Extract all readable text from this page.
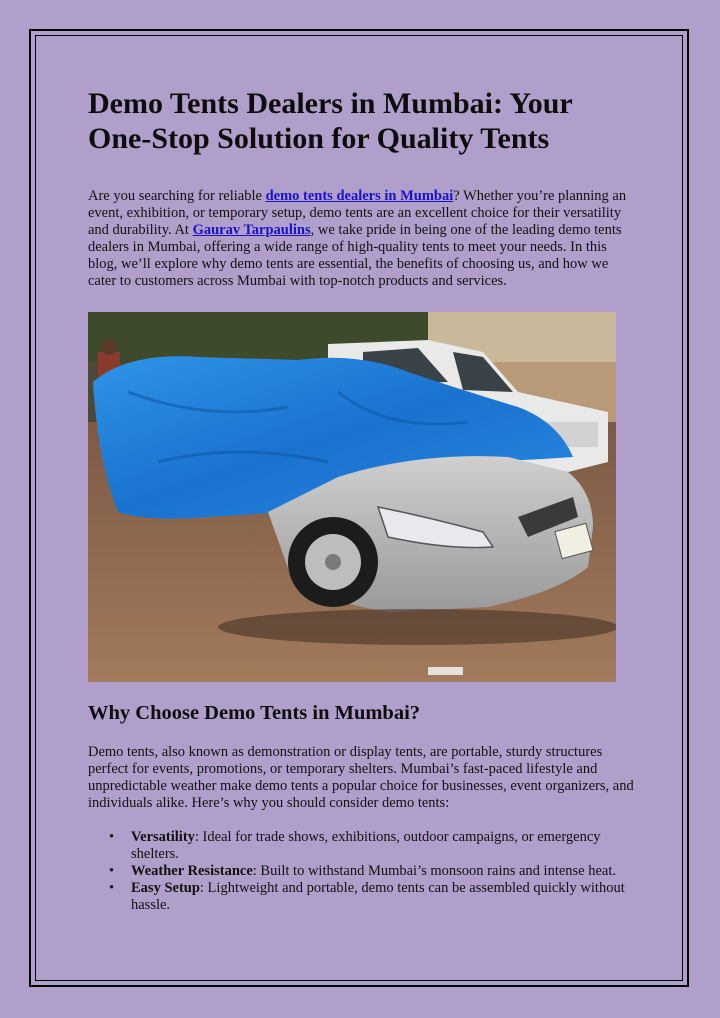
Demo Tents Dealers in Mumbai: Your One-Stop Solution for Quality Tents

Are you searching for reliable demo tents dealers in Mumbai? Whether you’re planning an event, exhibition, or temporary setup, demo tents are an excellent choice for their versatility and durability. At Gaurav Tarpaulins, we take pride in being one of the leading demo tents dealers in Mumbai, offering a wide range of high-quality tents to meet your needs. In this blog, we’ll explore why demo tents are essential, the benefits of choosing us, and how we cater to customers across Mumbai with top-notch products and services.

Why Choose Demo Tents in Mumbai?

Demo tents, also known as demonstration or display tents, are portable, sturdy structures perfect for events, promotions, or temporary shelters. Mumbai’s fast-paced lifestyle and unpredictable weather make demo tents a popular choice for businesses, event organizers, and individuals alike. Here’s why you should consider demo tents:

• Versatility: Ideal for trade shows, exhibitions, outdoor campaigns, or emergency shelters.
• Weather Resistance: Built to withstand Mumbai’s monsoon rains and intense heat.
• Easy Setup: Lightweight and portable, demo tents can be assembled quickly without hassle.
